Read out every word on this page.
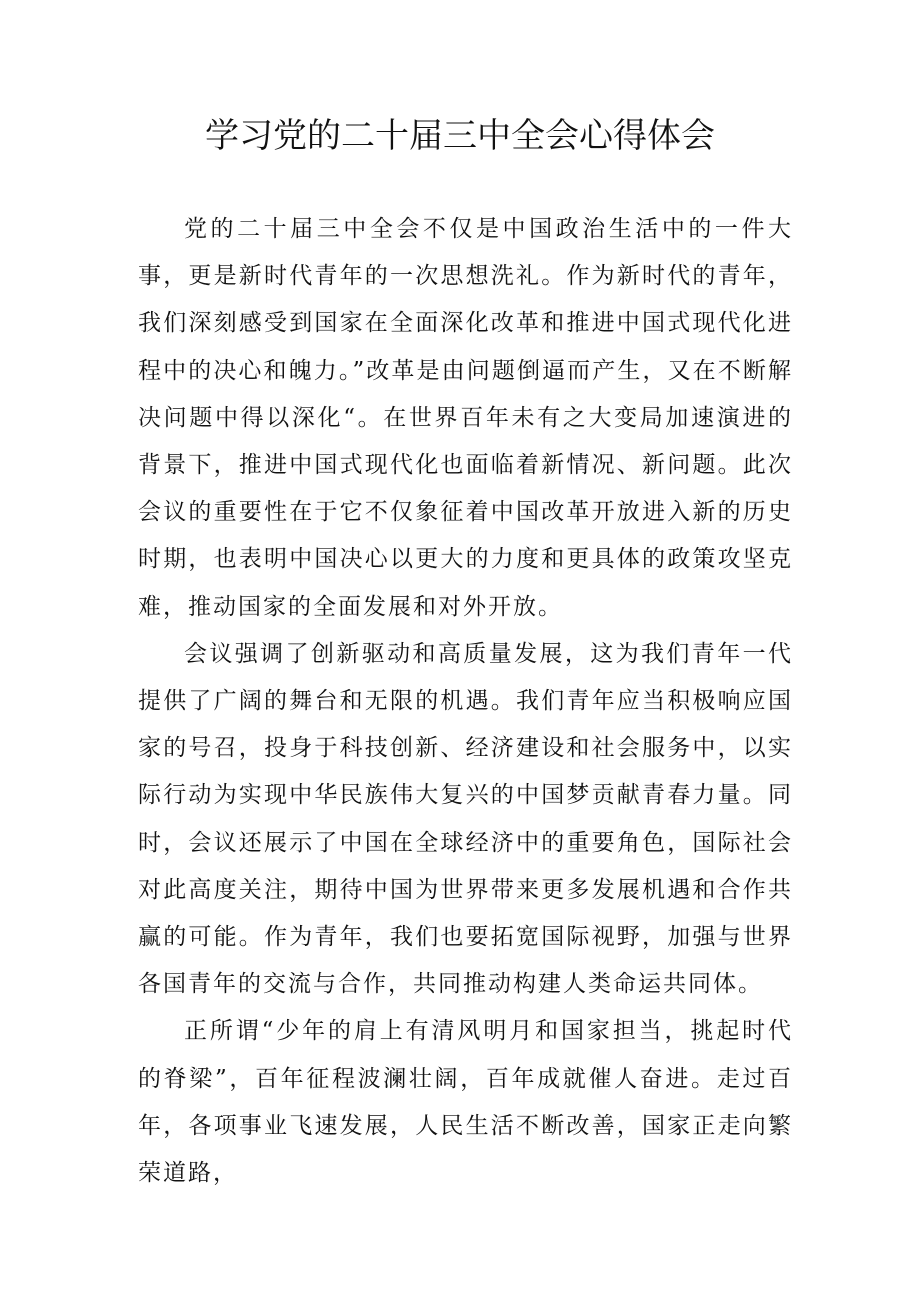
学习党的二十届三中全会心得体会

党的二十届三中全会不仅是中国政治生活中的一件大事，更是新时代青年的一次思想洗礼。作为新时代的青年，我们深刻感受到国家在全面深化改革和推进中国式现代化进程中的决心和魄力。”改革是由问题倒逼而产生，又在不断解决问题中得以深化“。在世界百年未有之大变局加速演进的背景下，推进中国式现代化也面临着新情况、新问题。此次会议的重要性在于它不仅象征着中国改革开放进入新的历史时期，也表明中国决心以更大的力度和更具体的政策攻坚克难，推动国家的全面发展和对外开放。

会议强调了创新驱动和高质量发展，这为我们青年一代提供了广阔的舞台和无限的机遇。我们青年应当积极响应国家的号召，投身于科技创新、经济建设和社会服务中，以实际行动为实现中华民族伟大复兴的中国梦贡献青春力量。同时，会议还展示了中国在全球经济中的重要角色，国际社会对此高度关注，期待中国为世界带来更多发展机遇和合作共赢的可能。作为青年，我们也要拓宽国际视野，加强与世界各国青年的交流与合作，共同推动构建人类命运共同体。

正所谓“少年的肩上有清风明月和国家担当，挑起时代的脊梁”，百年征程波澜壮阔，百年成就催人奋进。走过百年，各项事业飞速发展，人民生活不断改善，国家正走向繁荣道路，
